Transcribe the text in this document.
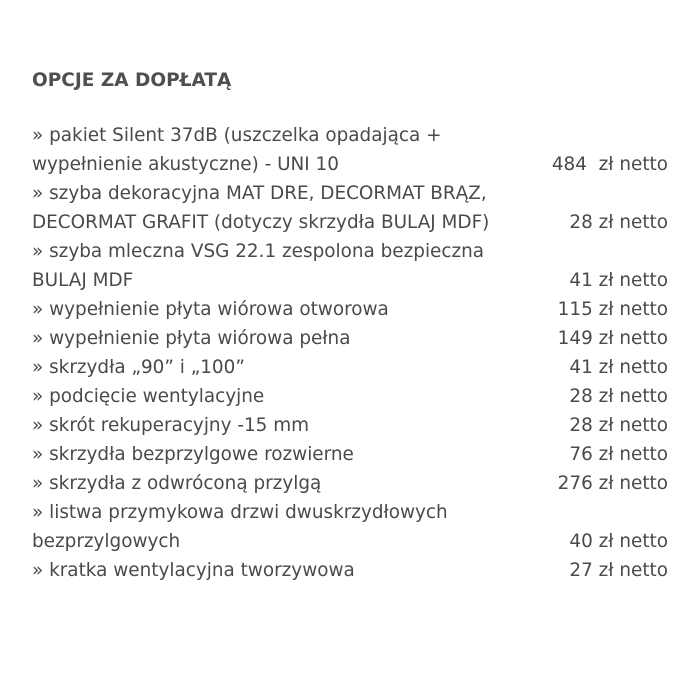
OPCJE ZA DOPŁATĄ
» pakiet Silent 37dB (uszczelka opadająca + wypełnienie akustyczne) - UNI 10	484  zł netto
» szyba dekoracyjna MAT DRE, DECORMAT BRĄZ, DECORMAT GRAFIT (dotyczy skrzydła BULAJ MDF)	28 zł netto
» szyba mleczna VSG 22.1 zespolona bezpieczna BULAJ MDF	41 zł netto
» wypełnienie płyta wiórowa otworowa	115 zł netto
» wypełnienie płyta wiórowa pełna	149 zł netto
» skrzydła „90” i „100”	41 zł netto
» podcięcie wentylacyjne	28 zł netto
» skrót rekuperacyjny -15 mm	28 zł netto
» skrzydła bezprzylgowe rozwierne	76 zł netto
» skrzydła z odwróconą przylgą	276 zł netto
» listwa przymykowa drzwi dwuskrzydłowych bezprzylgowych	40 zł netto
» kratka wentylacyjna tworzywowa	27 zł netto
